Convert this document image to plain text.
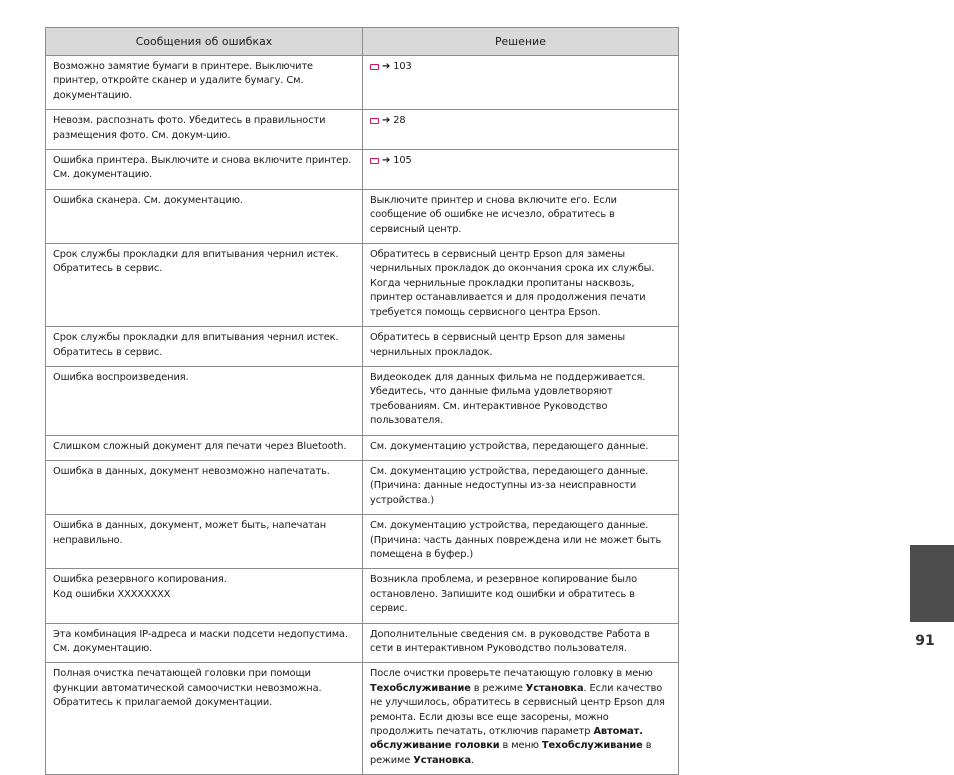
Сообщения об ошибках	Решение

Возможно замятие бумаги в принтере. Выключите принтер, откройте сканер и удалите бумагу. См. документацию.	➔ 103

Невозм. распознать фото. Убедитесь в правильности размещения фото. См. докум-цию.	➔ 28

Ошибка принтера. Выключите и снова включите принтер. См. документацию.	➔ 105

Ошибка сканера. См. документацию.	Выключите принтер и снова включите его. Если сообщение об ошибке не исчезло, обратитесь в сервисный центр.

Срок службы прокладки для впитывания чернил истек. Обратитесь в сервис.	Обратитесь в сервисный центр Epson для замены чернильных прокладок до окончания срока их службы. Когда чернильные прокладки пропитаны насквозь, принтер останавливается и для продолжения печати требуется помощь сервисного центра Epson.

Срок службы прокладки для впитывания чернил истек. Обратитесь в сервис.	Обратитесь в сервисный центр Epson для замены чернильных прокладок.

Ошибка воспроизведения.	Видеокодек для данных фильма не поддерживается. Убедитесь, что данные фильма удовлетворяют требованиям. См. интерактивное Руководство пользователя.

Слишком сложный документ для печати через Bluetooth.	См. документацию устройства, передающего данные.

Ошибка в данных, документ невозможно напечатать.	См. документацию устройства, передающего данные. (Причина: данные недоступны из-за неисправности устройства.)

Ошибка в данных, документ, может быть, напечатан неправильно.	См. документацию устройства, передающего данные. (Причина: часть данных повреждена или не может быть помещена в буфер.)

Ошибка резервного копирования.
Код ошибки XXXXXXXX	Возникла проблема, и резервное копирование было остановлено. Запишите код ошибки и обратитесь в сервис.

Эта комбинация IP-адреса и маски подсети недопустима. См. документацию.	Дополнительные сведения см. в руководстве Работа в сети в интерактивном Руководство пользователя.

Полная очистка печатающей головки при помощи функции автоматической самоочистки невозможна. Обратитесь к прилагаемой документации.	После очистки проверьте печатающую головку в меню Техобслуживание в режиме Установка. Если качество не улучшилось, обратитесь в сервисный центр Epson для ремонта. Если дюзы все еще засорены, можно продолжить печатать, отключив параметр Автомат. обслуживание головки в меню Техобслуживание в режиме Установка.
91
